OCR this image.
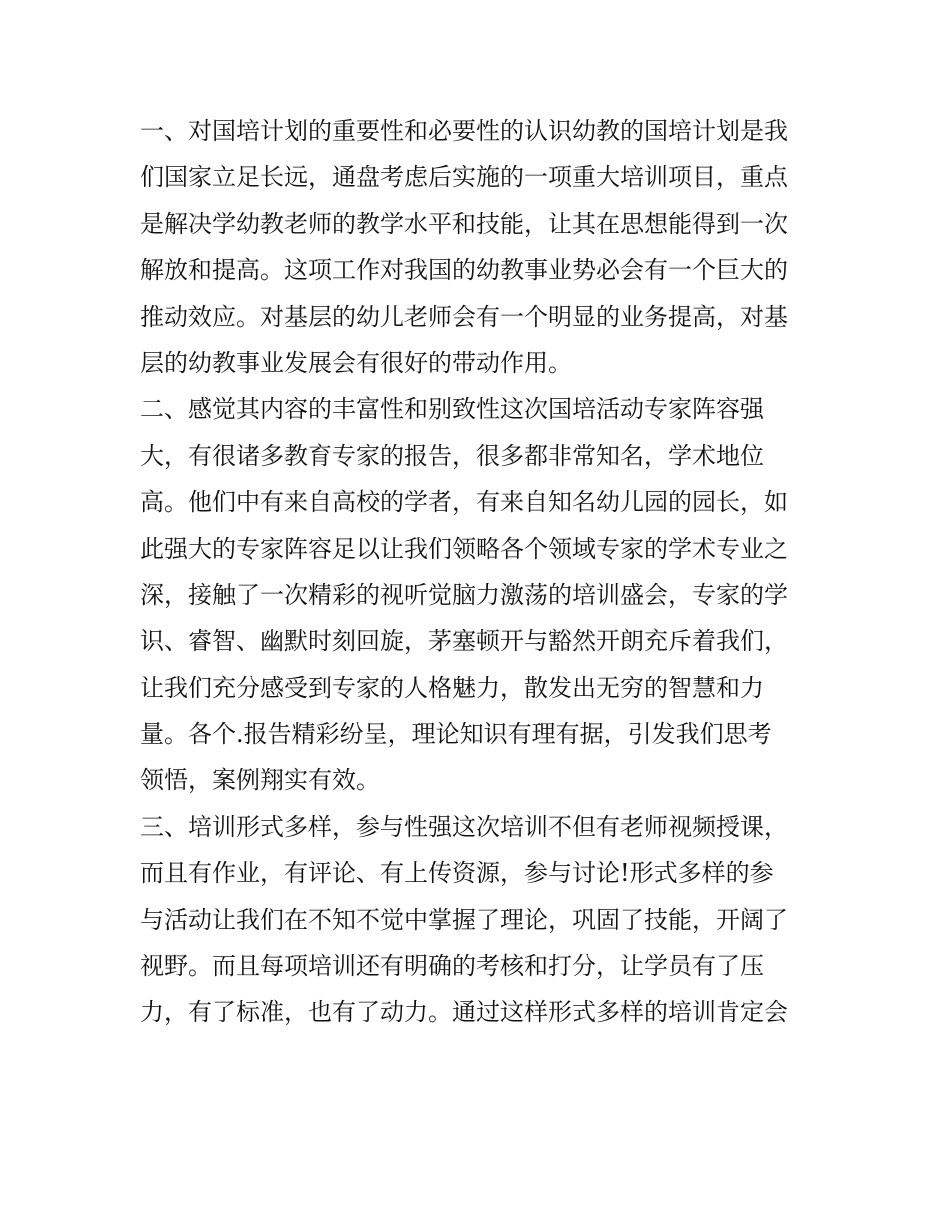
一、对国培计划的重要性和必要性的认识幼教的国培计划是我
们国家立足长远，通盘考虑后实施的一项重大培训项目，重点
是解决学幼教老师的教学水平和技能，让其在思想能得到一次
解放和提高。这项工作对我国的幼教事业势必会有一个巨大的
推动效应。对基层的幼儿老师会有一个明显的业务提高，对基
层的幼教事业发展会有很好的带动作用。
二、感觉其内容的丰富性和别致性这次国培活动专家阵容强
大，有很诸多教育专家的报告，很多都非常知名，学术地位
高。他们中有来自高校的学者，有来自知名幼儿园的园长，如
此强大的专家阵容足以让我们领略各个领域专家的学术专业之
深，接触了一次精彩的视听觉脑力激荡的培训盛会，专家的学
识、睿智、幽默时刻回旋，茅塞顿开与豁然开朗充斥着我们，
让我们充分感受到专家的人格魅力，散发出无穷的智慧和力
量。各个.报告精彩纷呈，理论知识有理有据，引发我们思考
领悟，案例翔实有效。
三、培训形式多样，参与性强这次培训不但有老师视频授课，
而且有作业，有评论、有上传资源，参与讨论!形式多样的参
与活动让我们在不知不觉中掌握了理论，巩固了技能，开阔了
视野。而且每项培训还有明确的考核和打分，让学员有了压
力，有了标准，也有了动力。通过这样形式多样的培训肯定会
